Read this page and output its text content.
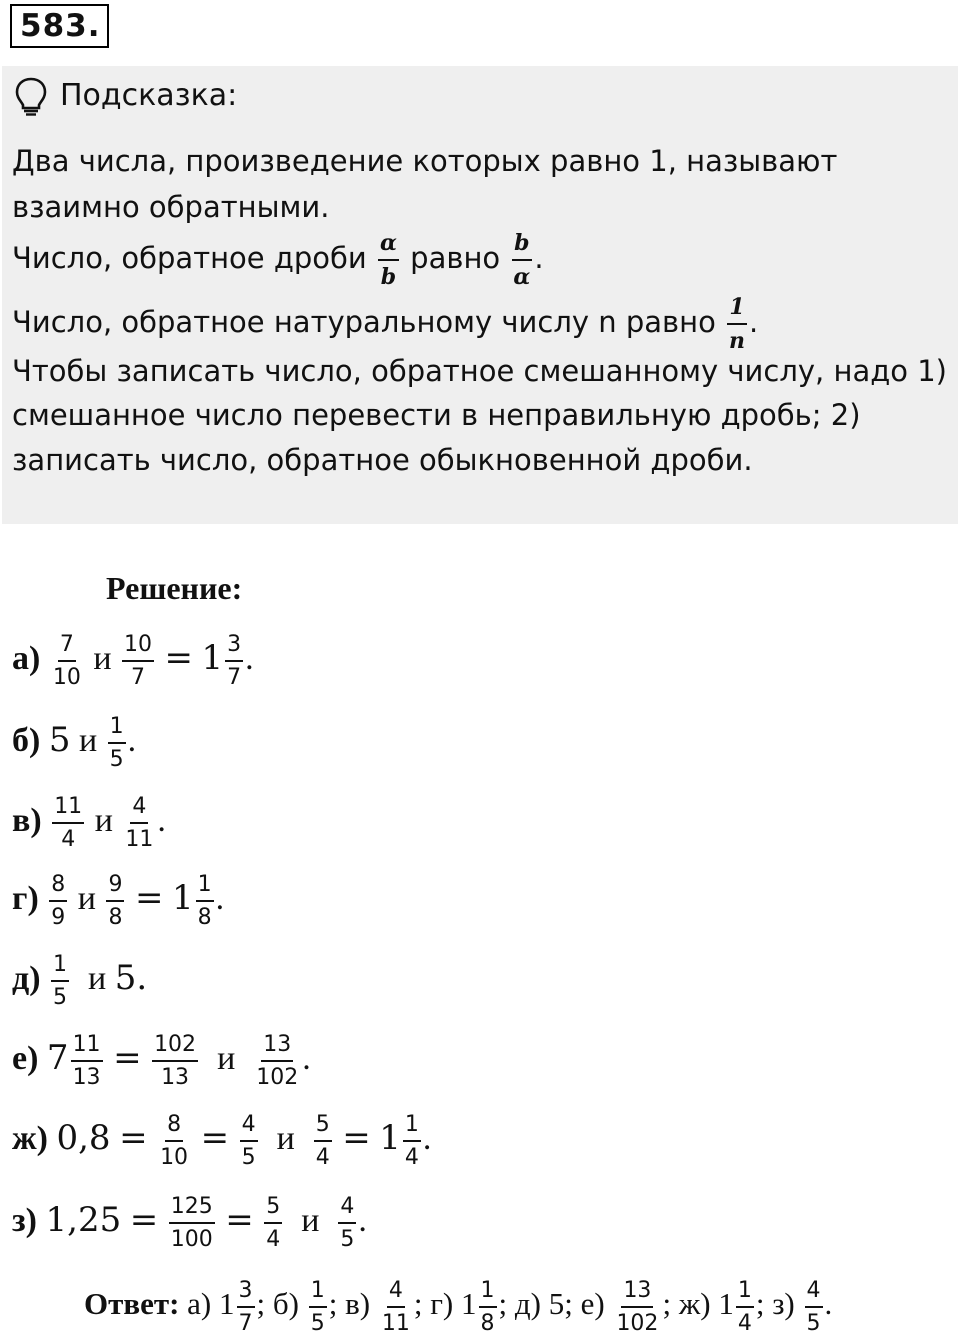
583.
Подсказка:
Два числа, произведение которых равно 1, называют
взаимно обратными.
Число, обратное дроби $\frac{\alpha}{b}$ равно $\frac{b}{\alpha}$ .
Число, обратное натуральному числу n равно $\frac{1}{n}$ .
Чтобы записать число, обратное смешанному числу, надо 1)
смешанное число перевести в неправильную дробь; 2)
записать число, обратное обыкновенной дроби.
Решение:
$а) \frac{7}{10}$ и $\frac{10}{7} = 1 \frac{3}{7}$ .
б) 5 и $\frac{1}{5}$ .
$в) \frac{11}{4}$ и $\frac{4}{11}$ .
$г) \frac{8}{9}$ и $\frac{9}{8} = 1 \frac{1}{8}$ .
$д) \frac{1}{5}$ и 5.
е) $7 \frac{11}{13} = \frac{102}{13}$ и $\frac{13}{102}$ .
ж) $0,8 = \frac{8}{10} = \frac{4}{5}$ и $\frac{5}{4} = 1 \frac{1}{4}$ .
з) $1,25 = \frac{125}{100} = \frac{5}{4}$ и $\frac{4}{5}$ .
Ответ: а) $1 \frac{3}{7}$ ; $б) \frac{1}{5}$ ; $в) \frac{4}{11}$ ; г) $1 \frac{1}{8}$ ; д) 5; $е) \frac{13}{102}$ ; ж) $1 \frac{1}{4}$ ; $з) \frac{4}{5}$ .
